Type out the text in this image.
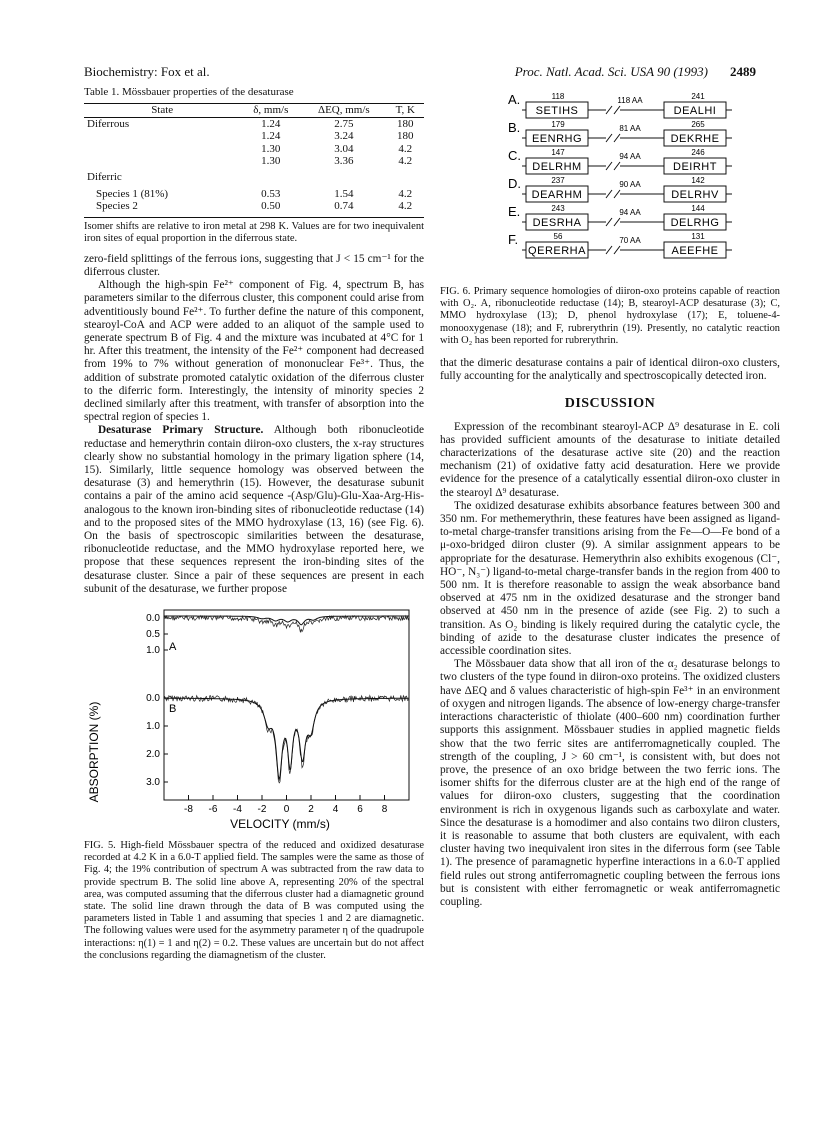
Biochemistry: Fox et al.	Proc. Natl. Acad. Sci. USA 90 (1993) 2489
Table 1. Mössbauer properties of the desaturase
State	δ, mm/s	ΔEQ, mm/s	T, K
Diferrous	1.24	2.75	180
	1.24	3.24	180
	1.30	3.04	4.2
	1.30	3.36	4.2
Diferric			
Species 1 (81%)	0.53	1.54	4.2
Species 2	0.50	0.74	4.2

Isomer shifts are relative to iron metal at 298 K. Values are for two inequivalent iron sites of equal proportion in the diferrous state.

zero-field splittings of the ferrous ions, suggesting that J < 15 cm⁻¹ for the diferrous cluster.

Although the high-spin Fe²⁺ component of Fig. 4, spectrum B, has parameters similar to the diferrous cluster, this component could arise from adventitiously bound Fe²⁺. To further define the nature of this component, stearoyl-CoA and ACP were added to an aliquot of the sample used to generate spectrum B of Fig. 4 and the mixture was incubated at 4°C for 1 hr. After this treatment, the intensity of the Fe²⁺ component had decreased from 19% to 7% without generation of mononuclear Fe³⁺. Thus, the addition of substrate promoted catalytic oxidation of the diferrous cluster to the diferric form. Interestingly, the intensity of minority species 2 declined similarly after this treatment, with transfer of absorption into the spectral region of species 1.

Desaturase Primary Structure. Although both ribonucleotide reductase and hemerythrin contain diiron-oxo clusters, the x-ray structures clearly show no substantial homology in the primary ligation sphere (14, 15). Similarly, little sequence homology was observed between the desaturase (3) and hemerythrin (15). However, the desaturase subunit contains a pair of the amino acid sequence -(Asp/Glu)-Glu-Xaa-Arg-His- analogous to the known iron-binding sites of ribonucleotide reductase (14) and to the proposed sites of the MMO hydroxylase (13, 16) (see Fig. 6). On the basis of spectroscopic similarities between the desaturase, ribonucleotide reductase, and the MMO hydroxylase reported here, we propose that these sequences represent the iron-binding sites of the desaturase cluster. Since a pair of these sequences are present in each subunit of the desaturase, we further propose

-8 -6 -4 -2 0 2 4 6 8
0.0
0.5
1.0
0.0
1.0
2.0
3.0
ABSORPTION (%)
VELOCITY (mm/s)
A
B

FIG. 5. High-field Mössbauer spectra of the reduced and oxidized desaturase recorded at 4.2 K in a 6.0-T applied field. The samples were the same as those of Fig. 4; the 19% contribution of spectrum A was subtracted from the raw data to provide spectrum B. The solid line above A, representing 20% of the spectral area, was computed assuming that the diferrous cluster had a diamagnetic ground state. The solid line drawn through the data of B was computed using the parameters listed in Table 1 and assuming that species 1 and 2 are diamagnetic. The following values were used for the asymmetry parameter η of the quadrupole interactions: η(1) = 1 and η(2) = 0.2. These values are uncertain but do not affect the conclusions regarding the diamagnetism of the cluster.

A.	118
SETIHS
118 AA	241
DEALHI
B.	179
EENRHG
81 AA	265
DEKRHE
C.	147
DELRHM
94 AA	246
DEIRHT
D.	237
DEARHM
90 AA	142
DELRHV
E.	243
DESRHA
94 AA	144
DELRHG
F.	56
QERERHA
70 AA	131
AEEFHE

FIG. 6. Primary sequence homologies of diiron-oxo proteins capable of reaction with O₂. A, ribonucleotide reductase (14); B, stearoyl-ACP desaturase (3); C, MMO hydroxylase (13); D, phenol hydroxylase (17); E, toluene-4-monooxygenase (18); and F, rubrerythrin (19). Presently, no catalytic reaction with O₂ has been reported for rubrerythrin.

that the dimeric desaturase contains a pair of identical diiron-oxo clusters, fully accounting for the analytically and spectroscopically detected iron.

DISCUSSION

Expression of the recombinant stearoyl-ACP Δ⁹ desaturase in E. coli has provided sufficient amounts of the desaturase to initiate detailed characterizations of the desaturase active site (20) and the reaction mechanism (21) of oxidative fatty acid desaturation. Here we provide evidence for the presence of a catalytically essential diiron-oxo cluster in the stearoyl Δ⁹ desaturase.

The oxidized desaturase exhibits absorbance features between 300 and 350 nm. For methemerythrin, these features have been assigned as ligand-to-metal charge-transfer transitions arising from the Fe—O—Fe bond of a μ-oxo-bridged diiron cluster (9). A similar assignment appears to be appropriate for the desaturase. Hemerythrin also exhibits exogenous (Cl⁻, HO⁻, N₃⁻) ligand-to-metal charge-transfer bands in the region from 400 to 500 nm. It is therefore reasonable to assign the weak absorbance band observed at 475 nm in the oxidized desaturase and the stronger band observed at 450 nm in the presence of azide (see Fig. 2) to such a transition. As O₂ binding is likely required during the catalytic cycle, the binding of azide to the desaturase cluster indicates the presence of accessible coordination sites.

The Mössbauer data show that all iron of the α₂ desaturase belongs to two clusters of the type found in diiron-oxo proteins. The oxidized clusters have ΔEQ and δ values characteristic of high-spin Fe³⁺ in an environment of oxygen and nitrogen ligands. The absence of low-energy charge-transfer interactions characteristic of thiolate (400–600 nm) coordination further supports this assignment. Mössbauer studies in applied magnetic fields show that the two ferric sites are antiferromagnetically coupled. The strength of the coupling, J > 60 cm⁻¹, is consistent with, but does not prove, the presence of an oxo bridge between the two ferric ions. The isomer shifts for the diferrous cluster are at the high end of the range of values for diiron-oxo clusters, suggesting that the coordination environment is rich in oxygenous ligands such as carboxylate and water. Since the desaturase is a homodimer and also contains two diiron clusters, it is reasonable to assume that both clusters are equivalent, with each cluster having two inequivalent iron sites in the diferrous form (see Table 1). The presence of paramagnetic hyperfine interactions in a 6.0-T applied field rules out strong antiferromagnetic coupling between the ferrous ions but is consistent with either ferromagnetic or weak antiferromagnetic coupling.
